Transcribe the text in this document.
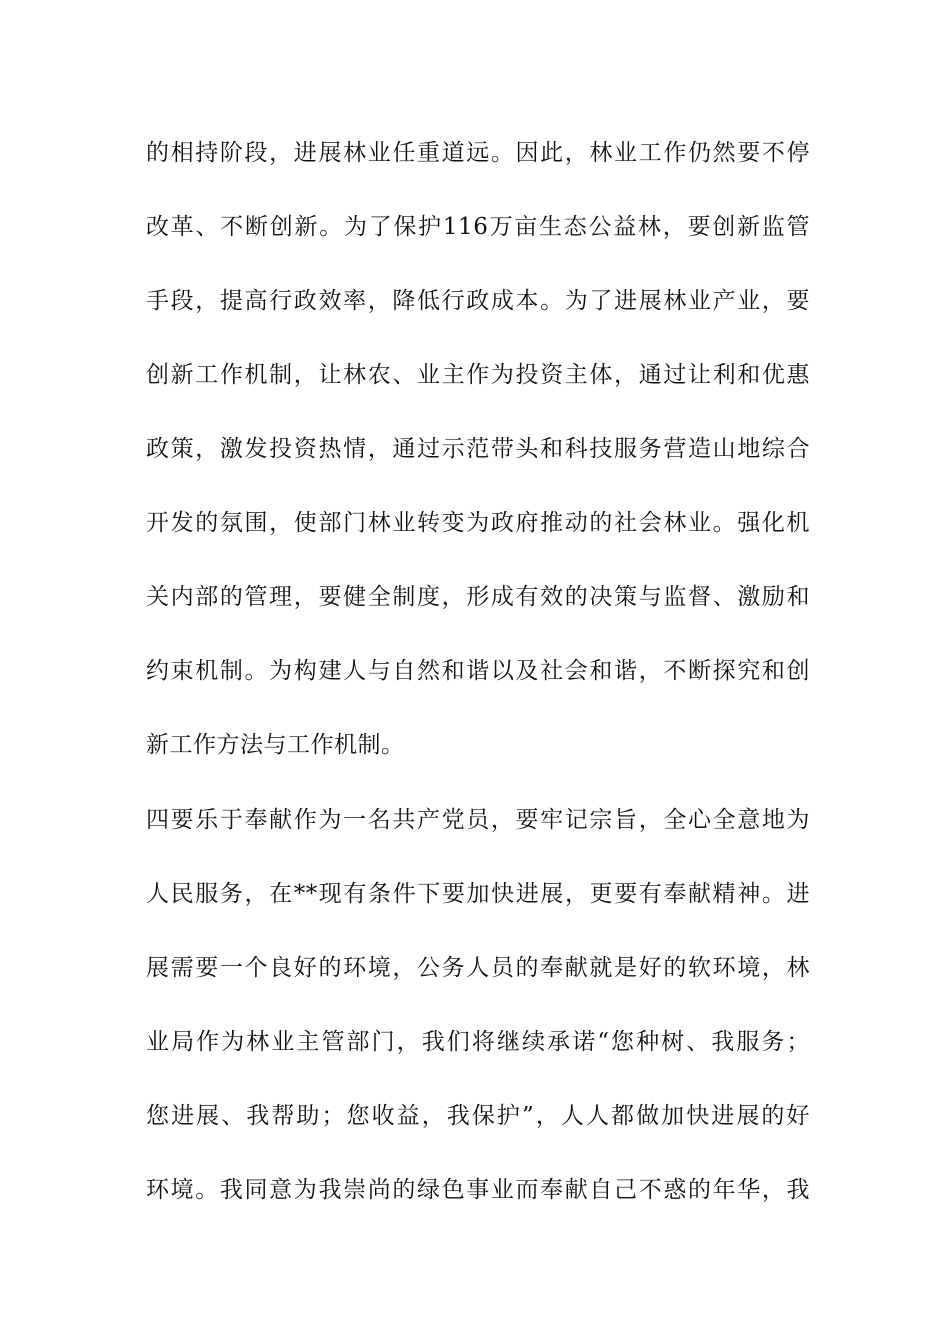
的相持阶段，进展林业任重道远。因此，林业工作仍然要不停
改革、不断创新。为了保护116万亩生态公益林，要创新监管
手段，提高行政效率，降低行政成本。为了进展林业产业，要
创新工作机制，让林农、业主作为投资主体，通过让利和优惠
政策，激发投资热情，通过示范带头和科技服务营造山地综合
开发的氛围，使部门林业转变为政府推动的社会林业。强化机
关内部的管理，要健全制度，形成有效的决策与监督、激励和
约束机制。为构建人与自然和谐以及社会和谐，不断探究和创
新工作方法与工作机制。
四要乐于奉献作为一名共产党员，要牢记宗旨，全心全意地为
人民服务，在**现有条件下要加快进展，更要有奉献精神。进
展需要一个良好的环境，公务人员的奉献就是好的软环境，林
业局作为林业主管部门，我们将继续承诺“您种树、我服务；
您进展、我帮助；您收益，我保护”，人人都做加快进展的好
环境。我同意为我崇尚的绿色事业而奉献自己不惑的年华，我
